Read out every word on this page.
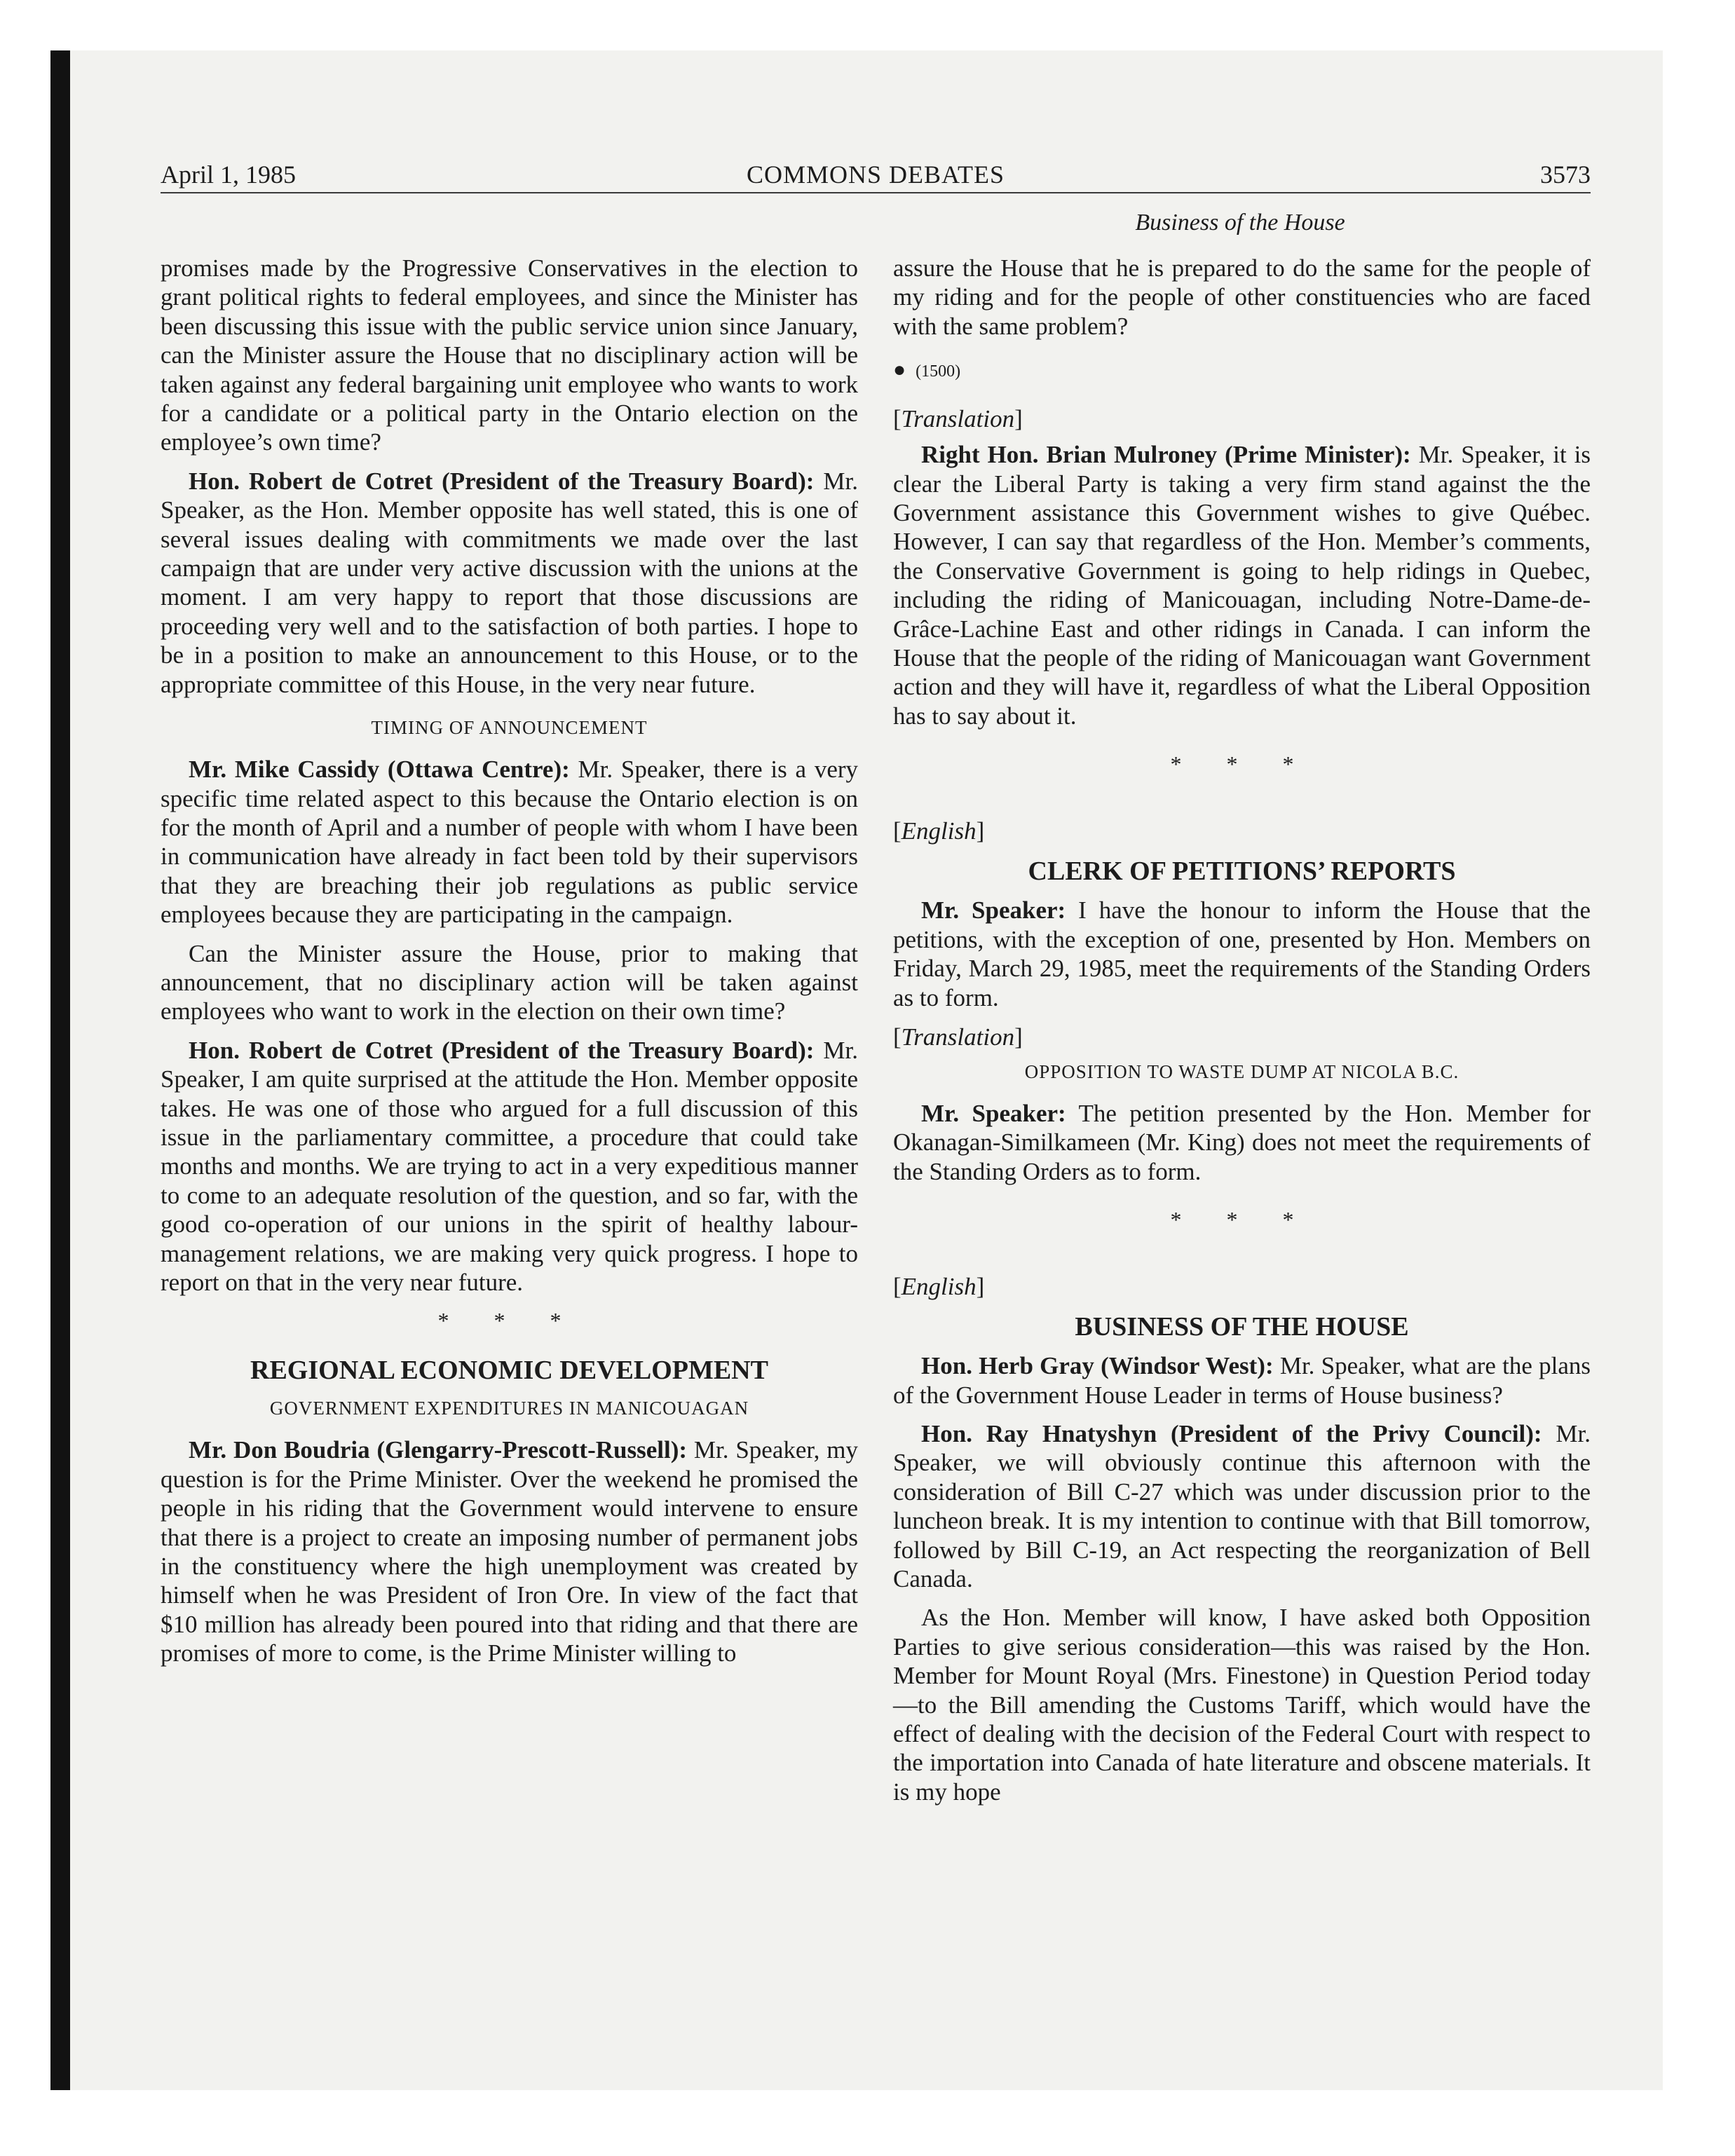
April 1, 1985	COMMONS DEBATES	3573
Business of the House

promises made by the Progressive Conservatives in the election to grant political rights to federal employees, and since the Minister has been discussing this issue with the public service union since January, can the Minister assure the House that no disciplinary action will be taken against any federal bargaining unit employee who wants to work for a candidate or a political party in the Ontario election on the employee’s own time?

Hon. Robert de Cotret (President of the Treasury Board): Mr. Speaker, as the Hon. Member opposite has well stated, this is one of several issues dealing with commitments we made over the last campaign that are under very active discussion with the unions at the moment. I am very happy to report that those discussions are proceeding very well and to the satisfaction of both parties. I hope to be in a position to make an announcement to this House, or to the appropriate committee of this House, in the very near future.

TIMING OF ANNOUNCEMENT

Mr. Mike Cassidy (Ottawa Centre): Mr. Speaker, there is a very specific time related aspect to this because the Ontario election is on for the month of April and a number of people with whom I have been in communication have already in fact been told by their supervisors that they are breaching their job regulations as public service employees because they are participating in the campaign.

Can the Minister assure the House, prior to making that announcement, that no disciplinary action will be taken against employees who want to work in the election on their own time?

Hon. Robert de Cotret (President of the Treasury Board): Mr. Speaker, I am quite surprised at the attitude the Hon. Member opposite takes. He was one of those who argued for a full discussion of this issue in the parliamentary committee, a procedure that could take months and months. We are trying to act in a very expeditious manner to come to an adequate resolution of the question, and so far, with the good co-operation of our unions in the spirit of healthy labour-management relations, we are making very quick progress. I hope to report on that in the very near future.

* * *
REGIONAL ECONOMIC DEVELOPMENT
GOVERNMENT EXPENDITURES IN MANICOUAGAN

Mr. Don Boudria (Glengarry-Prescott-Russell): Mr. Speaker, my question is for the Prime Minister. Over the weekend he promised the people in his riding that the Government would intervene to ensure that there is a project to create an imposing number of permanent jobs in the constituency where the high unemployment was created by himself when he was President of Iron Ore. In view of the fact that $10 million has already been poured into that riding and that there are promises of more to come, is the Prime Minister willing to

assure the House that he is prepared to do the same for the people of my riding and for the people of other constituencies who are faced with the same problem?

● (1500)
[Translation]

Right Hon. Brian Mulroney (Prime Minister): Mr. Speaker, it is clear the Liberal Party is taking a very firm stand against the the Government assistance this Government wishes to give Québec. However, I can say that regardless of the Hon. Member’s comments, the Conservative Government is going to help ridings in Quebec, including the riding of Manicouagan, including Notre-Dame-de-Grâce-Lachine East and other ridings in Canada. I can inform the House that the people of the riding of Manicouagan want Government action and they will have it, regardless of what the Liberal Opposition has to say about it.

* * *
[English]
CLERK OF PETITIONS’ REPORTS

Mr. Speaker: I have the honour to inform the House that the petitions, with the exception of one, presented by Hon. Members on Friday, March 29, 1985, meet the requirements of the Standing Orders as to form.

[Translation]
OPPOSITION TO WASTE DUMP AT NICOLA B.C.

Mr. Speaker: The petition presented by the Hon. Member for Okanagan-Similkameen (Mr. King) does not meet the requirements of the Standing Orders as to form.

* * *
[English]
BUSINESS OF THE HOUSE

Hon. Herb Gray (Windsor West): Mr. Speaker, what are the plans of the Government House Leader in terms of House business?

Hon. Ray Hnatyshyn (President of the Privy Council): Mr. Speaker, we will obviously continue this afternoon with the consideration of Bill C-27 which was under discussion prior to the luncheon break. It is my intention to continue with that Bill tomorrow, followed by Bill C-19, an Act respecting the reorganization of Bell Canada.

As the Hon. Member will know, I have asked both Opposition Parties to give serious consideration—this was raised by the Hon. Member for Mount Royal (Mrs. Finestone) in Question Period today—to the Bill amending the Customs Tariff, which would have the effect of dealing with the decision of the Federal Court with respect to the importation into Canada of hate literature and obscene materials. It is my hope
